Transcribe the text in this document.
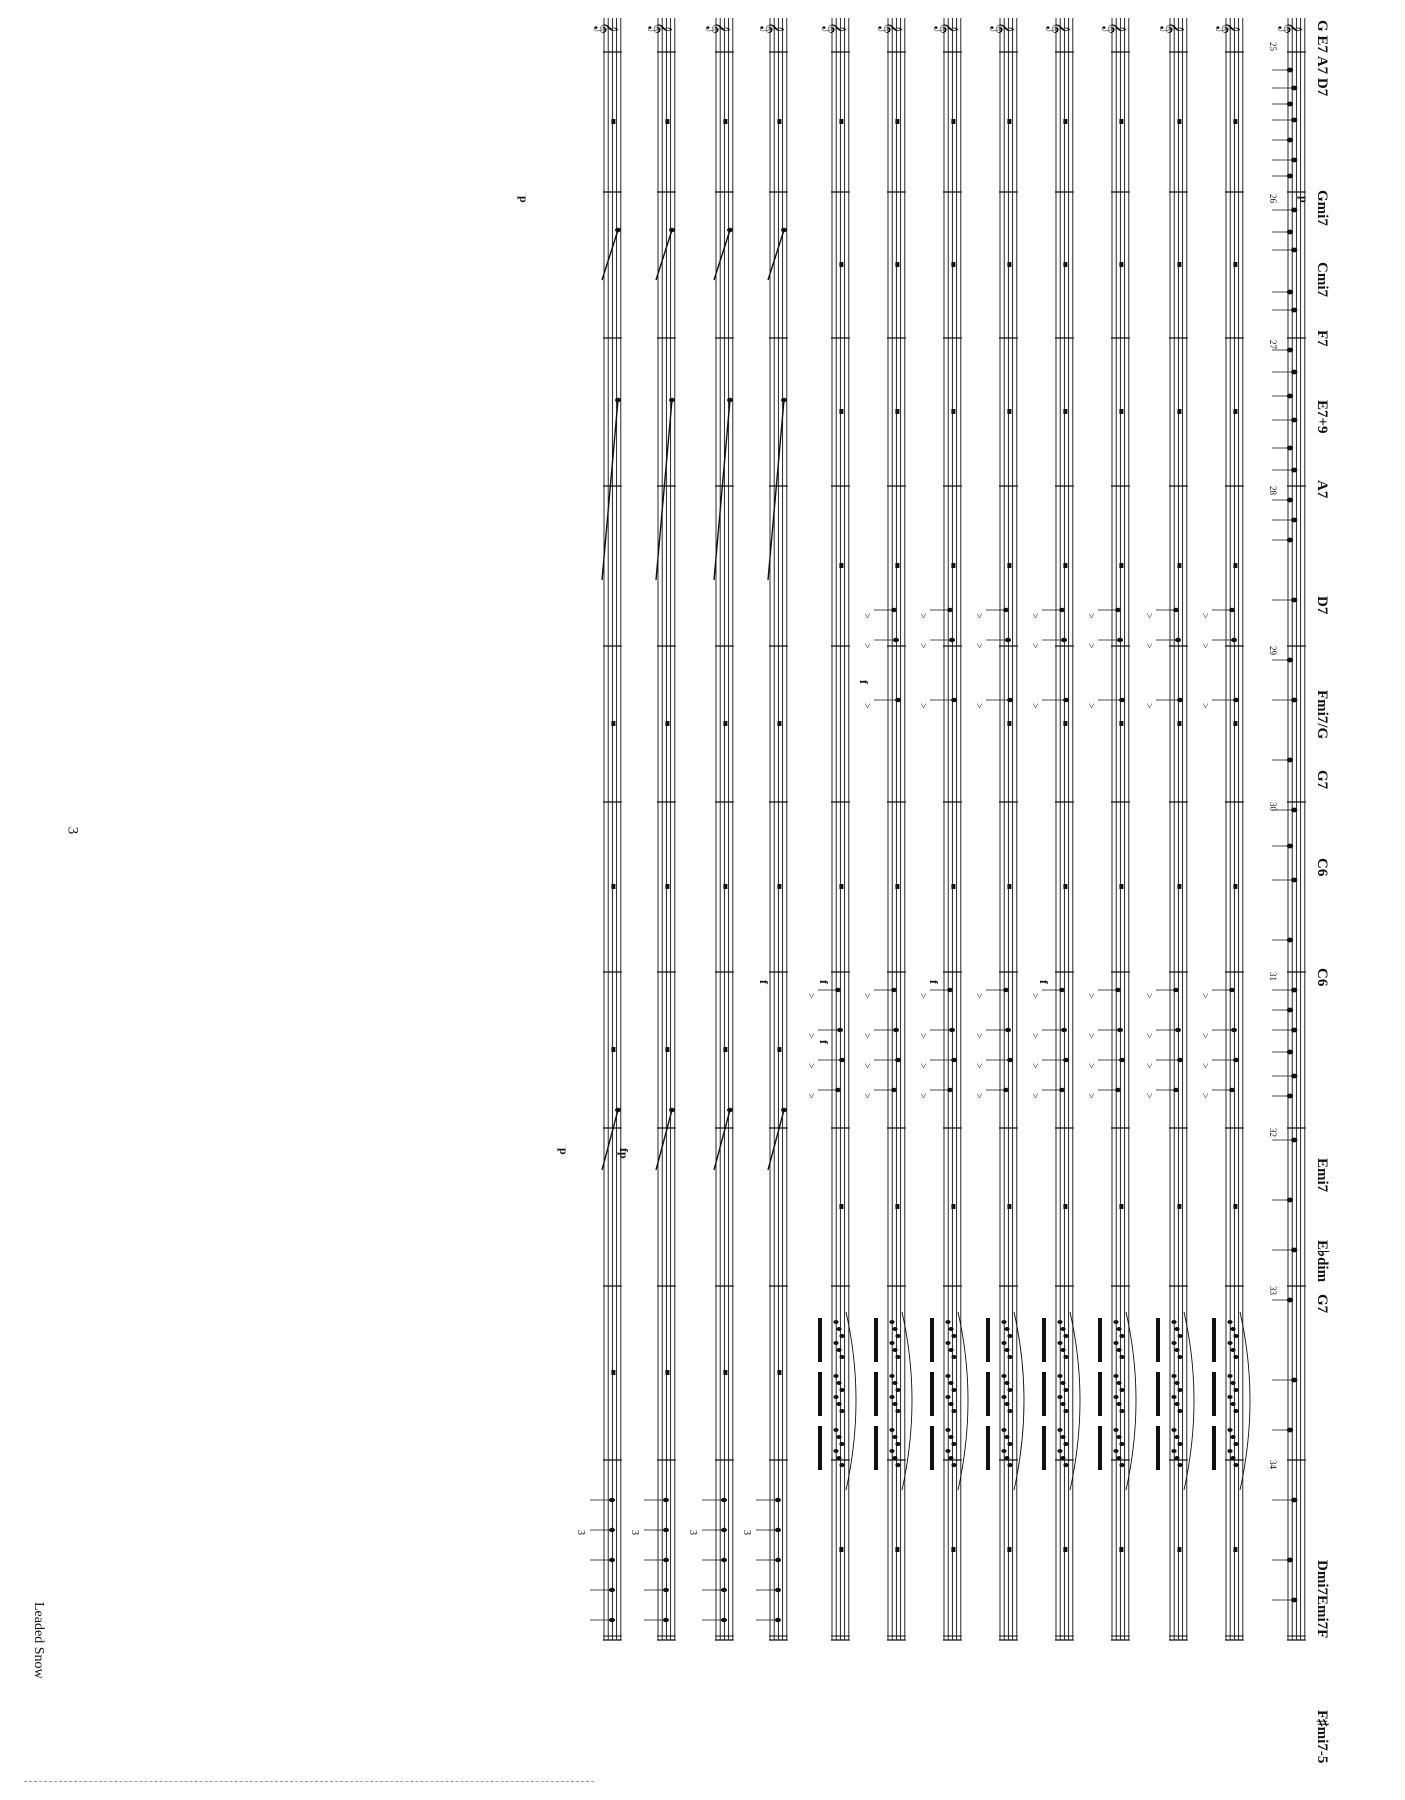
𝄞
𝄞
𝄞
𝄞
𝄞
𝄞
𝄞
𝄞
𝄞
𝄞
𝄞
𝄞
𝄞
>
>
>
>
>
>
>
>
>
>
>
>
>
>
>
>
>
>
>
>
>
>
>
>
>
>
>
>
>
>
>
>
>
>
>
>
>
>
>
>
>
>
>
>
>
>
>
>
>
>
>
>
>
3
3
3
3
p
f
f
f
f
p
f
fp
p
f
25
26
27
28
29
30
31
32
33
34
G E7 A7 D7
Gmi7
Cmi7
F7
E7+9
A7
D7
Fmi7/G
G7
C6
C6
Emi7
E♭dim
G7
Dmi7Emi7F
F♯mi7-5
3
Leaded Snow
